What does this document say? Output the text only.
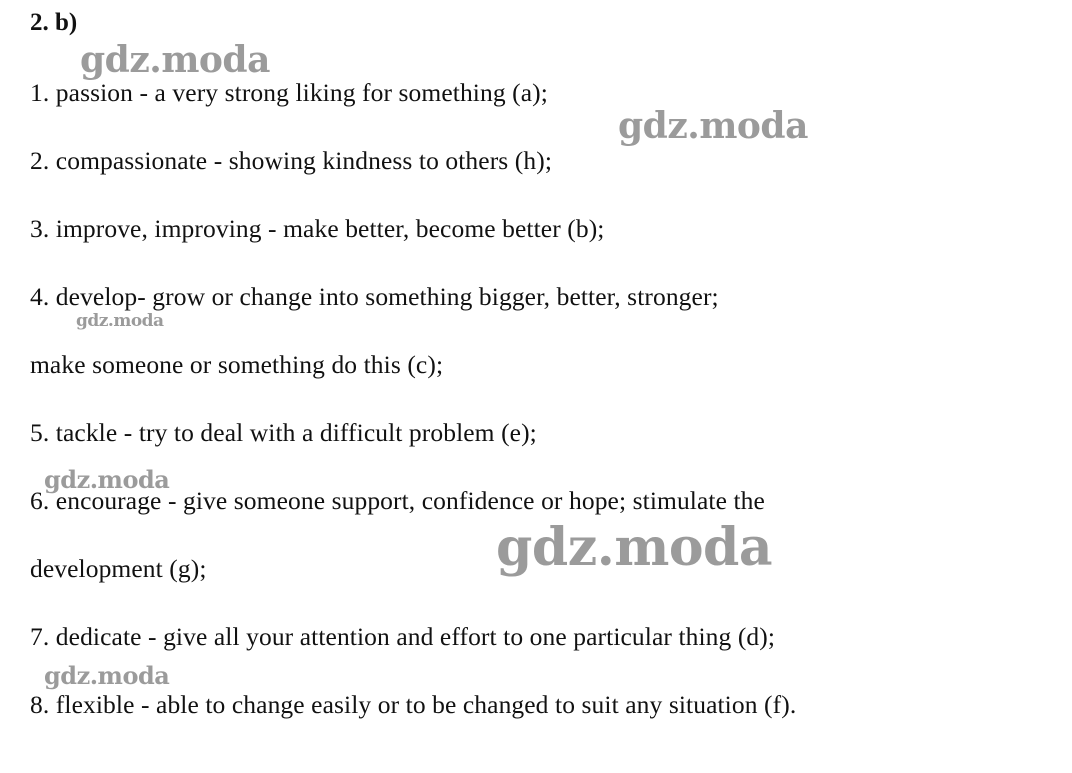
2. b)
1. passion - a very strong liking for something (a);
2. compassionate - showing kindness to others (h);
3. improve, improving - make better, become better (b);
4. develop- grow or change into something bigger, better, stronger;
make someone or something do this (c);
5. tackle - try to deal with a difficult problem (e);
6. encourage - give someone support, confidence or hope; stimulate the
development (g);
7. dedicate - give all your attention and effort to one particular thing (d);
8. flexible - able to change easily or to be changed to suit any situation (f).
gdz.moda
gdz.moda
gdz.moda
gdz.moda
gdz.moda
gdz.moda
